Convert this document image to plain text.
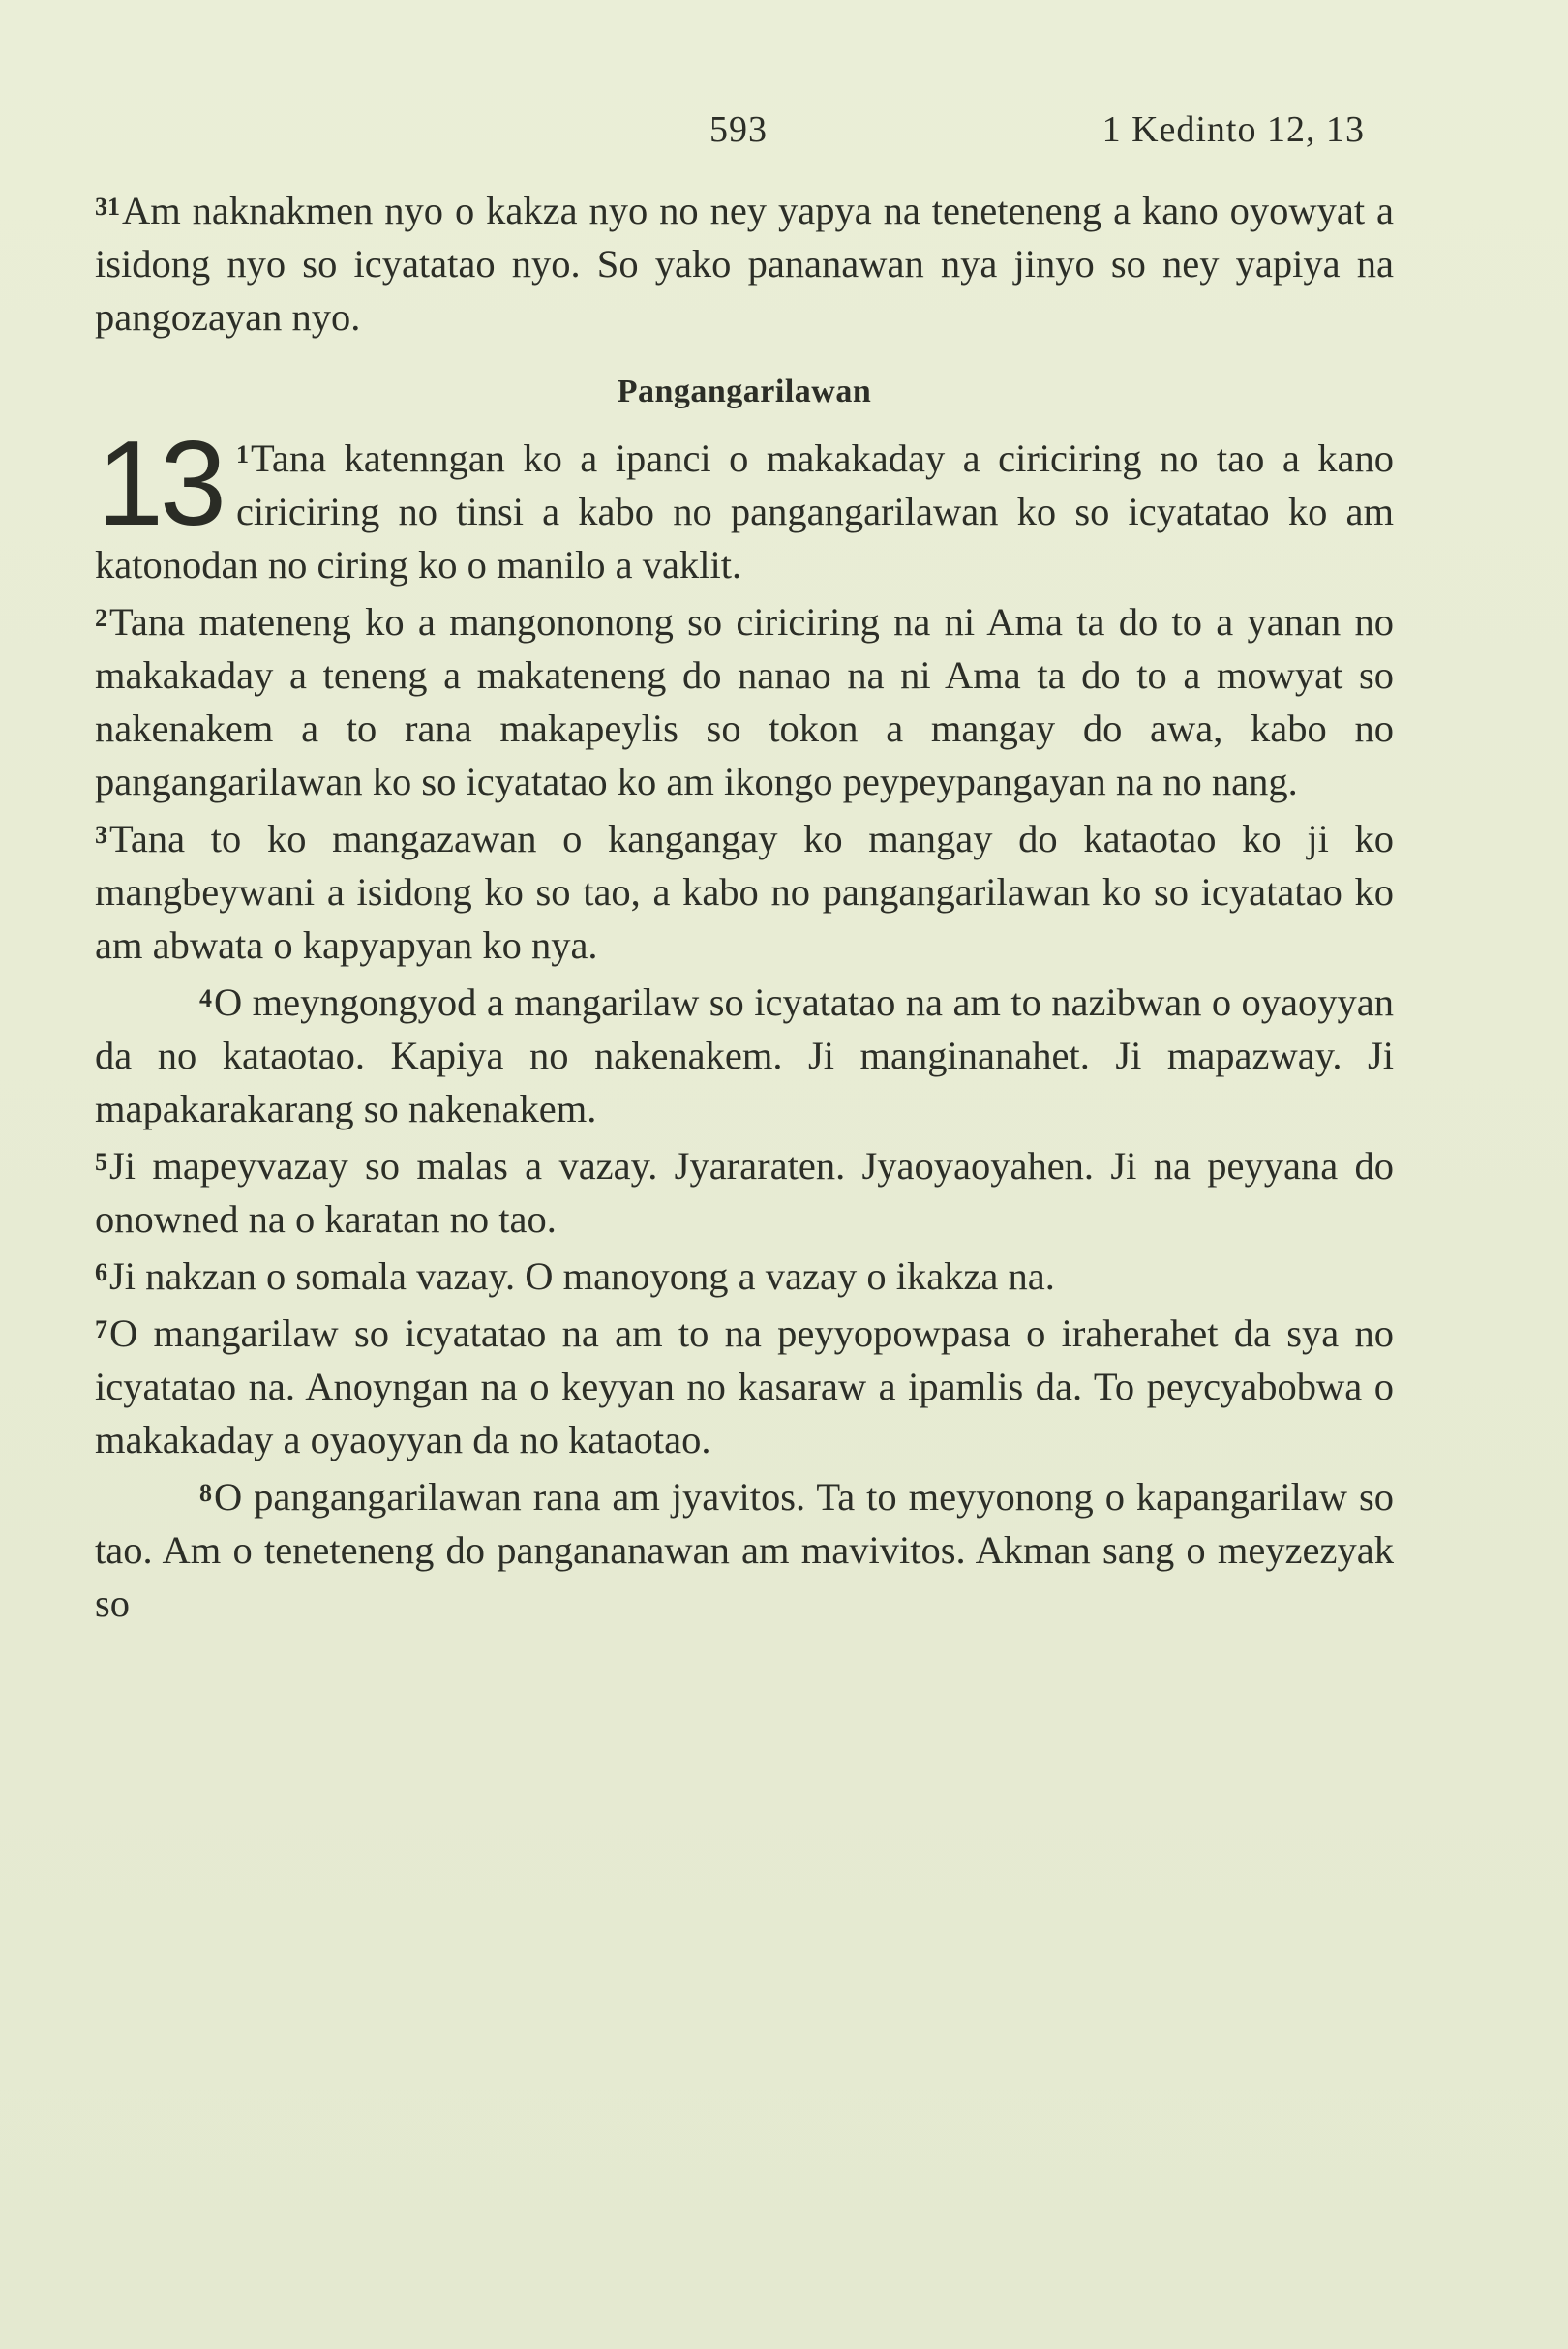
593	1 Kedinto 12, 13

$^{31}$Am naknakmen nyo o kakza nyo no ney yapya na teneteneng a kano oyowyat a isidong nyo so icyatatao nyo. So yako pananawan nya jinyo so ney yapiya na pangozayan nyo.

Pangangarilawan

13 $^1$Tana katenngan ko a ipanci o makakaday a ciriciring no tao a kano ciriciring no tinsi a kabo no pangangarilawan ko so icyatatao ko am katonodan no ciring ko o manilo a vaklit.

$^2$Tana mateneng ko a mangononong so ciriciring na ni Ama ta do to a yanan no makakaday a teneng a makateneng do nanao na ni Ama ta do to a mowyat so nakenakem a to rana makapeylis so tokon a mangay do awa, kabo no pangangarilawan ko so icyatatao ko am ikongo peypeypangayan na no nang.

$^3$Tana to ko mangazawan o kangangay ko mangay do kataotao ko ji ko mangbeywani a isidong ko so tao, a kabo no pangangarilawan ko so icyatatao ko am abwata o kapyapyan ko nya.

$^4$O meyngongyod a mangarilaw so icyatatao na am to nazibwan o oyaoyyan da no kataotao. Kapiya no nakenakem. Ji manginanahet. Ji mapazway. Ji mapakarakarang so nakenakem.

$^5$Ji mapeyvazay so malas a vazay. Jyararaten. Jyaoyaoyahen. Ji na peyyana do onowned na o karatan no tao.

$^6$Ji nakzan o somala vazay. O manoyong a vazay o ikakza na.

$^7$O mangarilaw so icyatatao na am to na peyyopowpasa o iraherahet da sya no icyatatao na. Anoyngan na o keyyan no kasaraw a ipamlis da. To peycyabobwa o makakaday a oyaoyyan da no kataotao.

$^8$O pangangarilawan rana am jyavitos. Ta to meyyonong o kapangarilaw so tao. Am o teneteneng do pangananawan am mavivitos. Akman sang o meyzezyak so
